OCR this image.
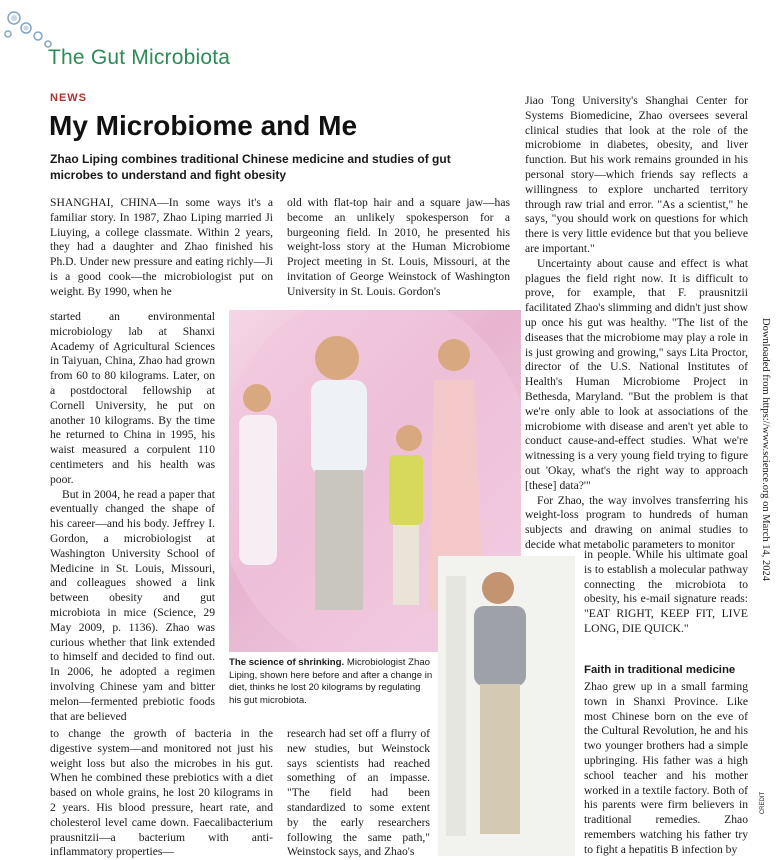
The Gut Microbiota
NEWS
My Microbiome and Me
Zhao Liping combines traditional Chinese medicine and studies of gut microbes to understand and fight obesity

SHANGHAI, CHINA—In some ways it's a familiar story. In 1987, Zhao Liping married Ji Liuying, a college classmate. Within 2 years, they had a daughter and Zhao finished his Ph.D. Under new pressure and eating richly—Ji is a good cook—the microbiologist put on weight. By 1990, when he

started an environmental microbiology lab at Shanxi Academy of Agricultural Sciences in Taiyuan, China, Zhao had grown from 60 to 80 kilograms. Later, on a postdoctoral fellowship at Cornell University, he put on another 10 kilograms. By the time he returned to China in 1995, his waist measured a corpulent 110 centimeters and his health was poor.

But in 2004, he read a paper that eventually changed the shape of his career—and his body. Jeffrey I. Gordon, a microbiologist at Washington University School of Medicine in St. Louis, Missouri, and colleagues showed a link between obesity and gut microbiota in mice (Science, 29 May 2009, p. 1136). Zhao was curious whether that link extended to himself and decided to find out. In 2006, he adopted a regimen involving Chinese yam and bitter melon—fermented prebiotic foods that are believed

to change the growth of bacteria in the digestive system—and monitored not just his weight loss but also the microbes in his gut. When he combined these prebiotics with a diet based on whole grains, he lost 20 kilograms in 2 years. His blood pressure, heart rate, and cholesterol level came down. Faecalibacterium prausnitzii—a bacterium with anti-inflammatory properties—

old with flat-top hair and a square jaw—has become an unlikely spokesperson for a burgeoning field. In 2010, he presented his weight-loss story at the Human Microbiome Project meeting in St. Louis, Missouri, at the invitation of George Weinstock of Washington University in St. Louis. Gordon's

research had set off a flurry of new studies, but Weinstock says scientists had reached something of an impasse. "The field had been standardized to some extent by the early researchers following the same path," Weinstock says, and Zhao's

The science of shrinking. Microbiologist Zhao Liping, shown here before and after a change in diet, thinks he lost 20 kilograms by regulating his gut microbiota.

Jiao Tong University's Shanghai Center for Systems Biomedicine, Zhao oversees several clinical studies that look at the role of the microbiome in diabetes, obesity, and liver function. But his work remains grounded in his personal story—which friends say reflects a willingness to explore uncharted territory through raw trial and error. "As a scientist," he says, "you should work on questions for which there is very little evidence but that you believe are important."

Uncertainty about cause and effect is what plagues the field right now. It is difficult to prove, for example, that F. prausnitzii facilitated Zhao's slimming and didn't just show up once his gut was healthy. "The list of the diseases that the microbiome may play a role in is just growing and growing," says Lita Proctor, director of the U.S. National Institutes of Health's Human Microbiome Project in Bethesda, Maryland. "But the problem is that we're only able to look at associations of the microbiome with disease and aren't yet able to conduct cause-and-effect studies. What we're witnessing is a very young field trying to figure out 'Okay, what's the right way to approach [these] data?'"

For Zhao, the way involves transferring his weight-loss program to hundreds of human subjects and drawing on animal studies to decide what metabolic parameters to monitor

in people. While his ultimate goal is to establish a molecular pathway connecting the microbiota to obesity, his e-mail signature reads: "EAT RIGHT, KEEP FIT, LIVE LONG, DIE QUICK."

Faith in traditional medicine

Zhao grew up in a small farming town in Shanxi Province. Like most Chinese born on the eve of the Cultural Revolution, he and his two younger brothers had a simple upbringing. His father was a high school teacher and his mother worked in a textile factory. Both of his parents were firm believers in traditional remedies. Zhao remembers watching his father try to fight a hepatitis B infection by

Downloaded from https://www.science.org on March 14, 2024
CREDIT
